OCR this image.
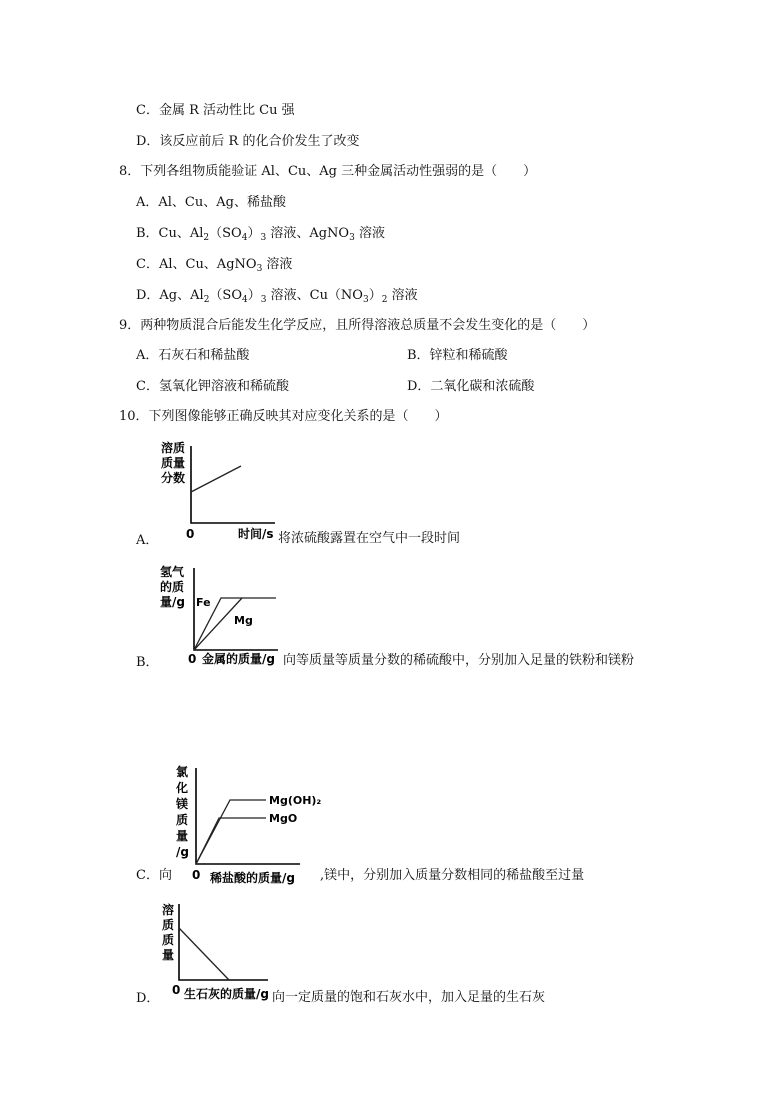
C．金属 R 活动性比 Cu 强
D．该反应前后 R 的化合价发生了改变
8．下列各组物质能验证 Al、Cu、Ag 三种金属活动性强弱的是（　　）
A．Al、Cu、Ag、稀盐酸
B．Cu、$Al_2(SO_4)_3$ 溶液、AgNO$_3$ 溶液
C．Al、Cu、AgNO$_3$ 溶液
D．Ag、$Al_2(SO_4)_3$ 溶液、$Cu(NO_3)_2$ 溶液
9．两种物质混合后能发生化学反应，且所得溶液总质量不会发生变化的是（　　）
A．石灰石和稀盐酸	B．锌粒和稀硫酸
C．氢氧化钾溶液和稀硫酸	D．二氧化碳和浓硫酸
10．下列图像能够正确反映其对应变化关系的是（　　）
溶质
质量
分数
0	时间/s
A．	将浓硫酸露置在空气中一段时间
氢气
的质
量/g Fe
Mg
0 金属的质量/g
B．	向等质量等质量分数的稀硫酸中，分别加入足量的铁粉和镁粉
氯
化
镁
质
量
/g
Mg(OH)₂
MgO
0 稀盐酸的质量/g
C．向	,镁中，分别加入质量分数相同的稀盐酸至过量
溶
质
质
量
0 生石灰的质量/g
D．	向一定质量的饱和石灰水中，加入足量的生石灰
